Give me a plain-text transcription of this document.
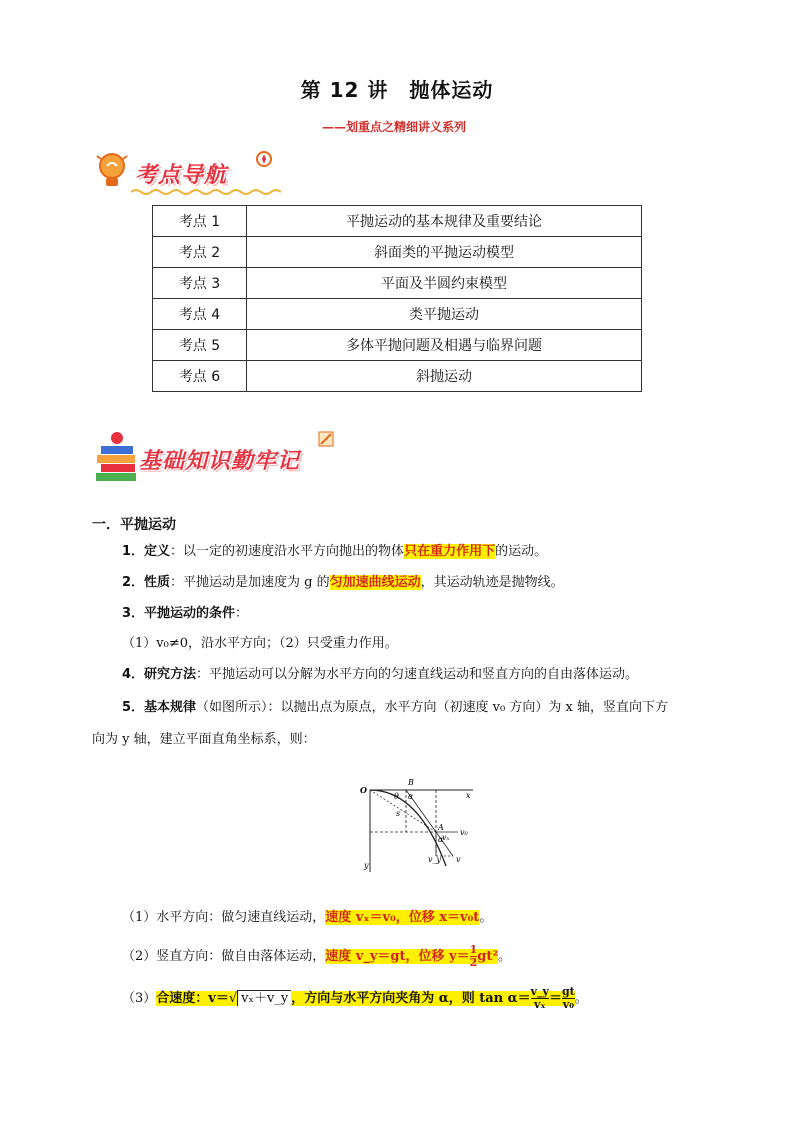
第 12 讲　抛体运动
——划重点之精细讲义系列
考点导航
考点 1	平抛运动的基本规律及重要结论
考点 2	斜面类的平抛运动模型
考点 3	平面及半圆约束模型
考点 4	类平抛运动
考点 5	多体平抛问题及相遇与临界问题
考点 6	斜抛运动
基础知识勤牢记
一．平抛运动
1．定义：以一定的初速度沿水平方向抛出的物体只在重力作用下的运动。
2．性质：平抛运动是加速度为 g 的匀加速曲线运动，其运动轨迹是抛物线。
3．平抛运动的条件：
（1）v₀≠0，沿水平方向；（2）只受重力作用。
4．研究方法：平抛运动可以分解为水平方向的匀速直线运动和竖直方向的自由落体运动。
5．基本规律（如图所示）：以抛出点为原点，水平方向（初速度 v₀ 方向）为 x 轴，竖直向下方
向为 y 轴，建立平面直角坐标系，则：
O
B
x
y
A
θ α
α
s
v₀
vₓ
v_y v
（1）水平方向：做匀速直线运动，速度 vₓ＝v₀，位移 x＝v₀t。
（2）竖直方向：做自由落体运动，速度 v_y＝gt，位移 $y= \frac{1}{2} gt^2$。
（3）合速度：v＝√ vₓ＋v_y ，方向与水平方向夹角为 α，则 $\tan \alpha= \frac{v\_y}{\text{vₓ}} = \frac{gt}{\text{v₀}}$ 。
